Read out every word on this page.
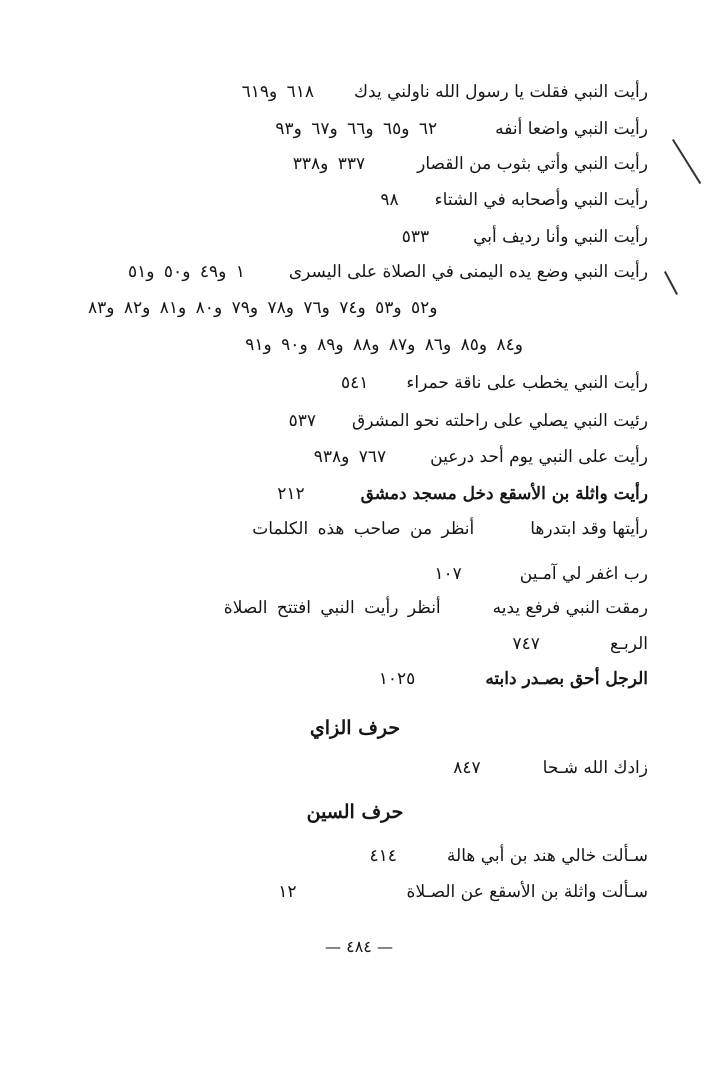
رأيت النبي فقلت يا رسول الله ناولني يدك٦١٨ و٦١٩
رأيت النبي واضعا أنفه٦٢ و٦٥ و٦٦ و٦٧ و٩٣
رأيت النبي وأتي بثوب من القصار٣٣٧ و٣٣٨
رأيت النبي وأصحابه في الشتاء٩٨
رأيت النبي وأنا رديف أبي٥٣٣
رأيت النبي وضع يده اليمنى في الصلاة على اليسرى١ و٤٩ و٥٠ و٥١
و٥٢ و٥٣ و٧٤ و٧٦ و٧٨ و٧٩ و٨٠ و٨١ و٨٢ و٨٣
و٨٤ و٨٥ و٨٦ و٨٧ و٨٨ و٨٩ و٩٠ و٩١
رأيت النبي يخطب على ناقة حمراء٥٤١
رئيت النبي يصلي على راحلته نحو المشرق٥٣٧
رأيت على النبي يوم أحد درعين٧٦٧ و٩٣٨
رأيت واثلة بن الأسقع دخل مسجد دمشق٢١٢
رأيتها وقد ابتدرهاأنظر من صاحب هذه الكلمات
رب اغفر لي آمـين١٠٧
رمقت النبي فرفع يديهأنظر رأيت النبي افتتح الصلاة
الربـع٧٤٧
الرجل أحق بصـدر دابته١٠٢٥
حرف الزاي
زادك الله شـحا٨٤٧
حرف السين
سـألت خالي هند بن أبي هالة٤١٤
سـألت واثلة بن الأسقع عن الصـلاة١٢
— ٤٨٤ —
